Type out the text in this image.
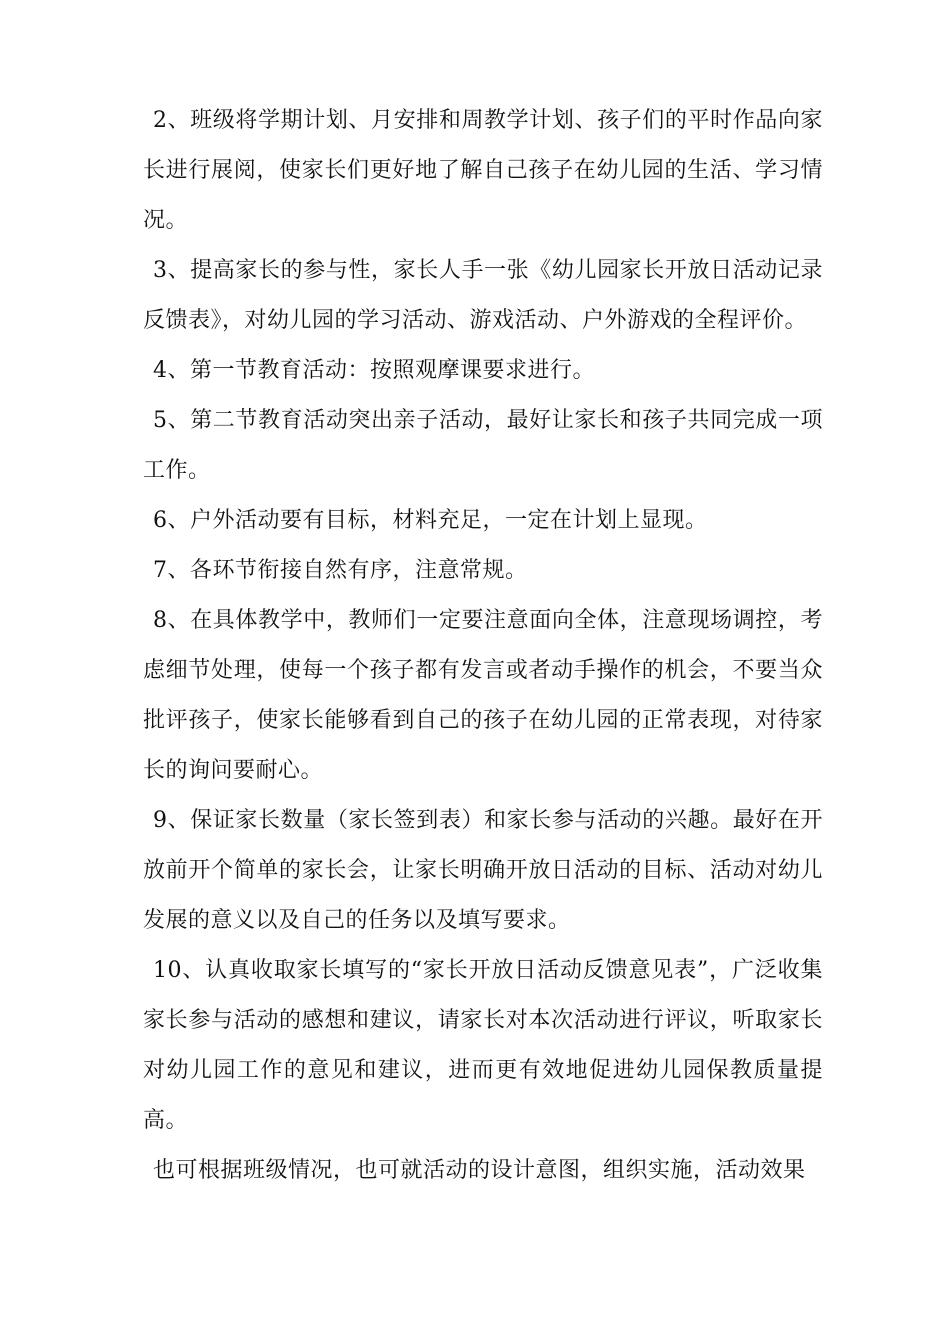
2、班级将学期计划、月安排和周教学计划、孩子们的平时作品向家长进行展阅，使家长们更好地了解自己孩子在幼儿园的生活、学习情况。

3、提高家长的参与性，家长人手一张《幼儿园家长开放日活动记录反馈表》，对幼儿园的学习活动、游戏活动、户外游戏的全程评价。

4、第一节教育活动：按照观摩课要求进行。

5、第二节教育活动突出亲子活动，最好让家长和孩子共同完成一项工作。

6、户外活动要有目标，材料充足，一定在计划上显现。

7、各环节衔接自然有序，注意常规。

8、在具体教学中，教师们一定要注意面向全体，注意现场调控，考虑细节处理，使每一个孩子都有发言或者动手操作的机会，不要当众批评孩子，使家长能够看到自己的孩子在幼儿园的正常表现，对待家长的询问要耐心。

9、保证家长数量（家长签到表）和家长参与活动的兴趣。最好在开放前开个简单的家长会，让家长明确开放日活动的目标、活动对幼儿发展的意义以及自己的任务以及填写要求。

10、认真收取家长填写的“家长开放日活动反馈意见表”，广泛收集家长参与活动的感想和建议，请家长对本次活动进行评议，听取家长对幼儿园工作的意见和建议，进而更有效地促进幼儿园保教质量提高。

也可根据班级情况，也可就活动的设计意图，组织实施，活动效果
